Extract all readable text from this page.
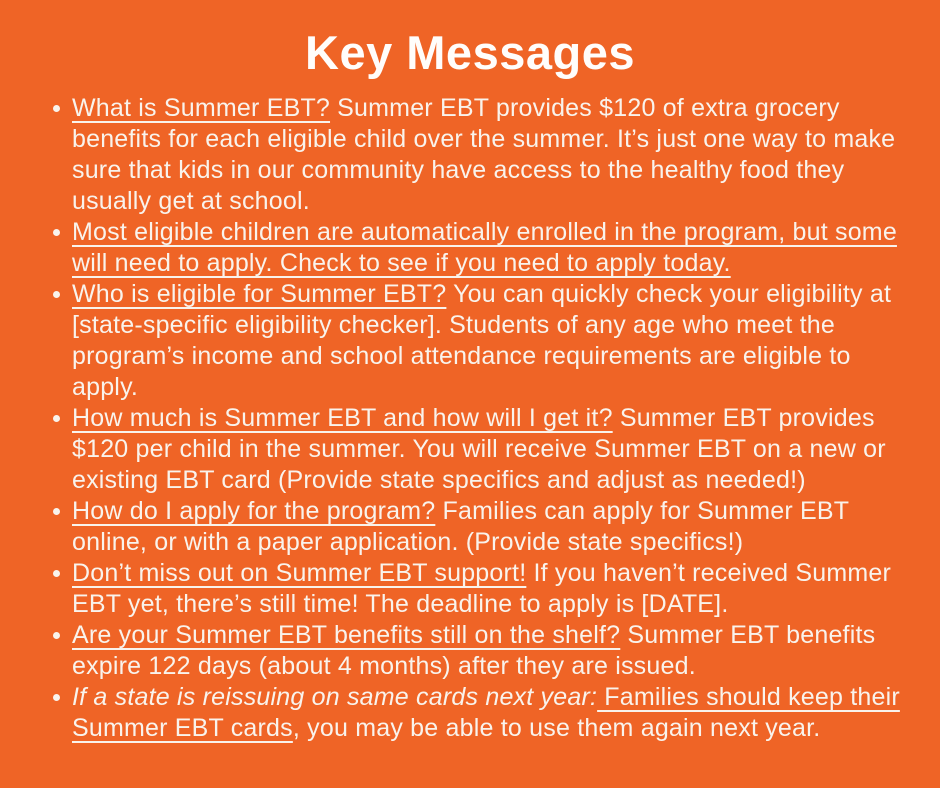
Key Messages
What is Summer EBT? Summer EBT provides $120 of extra grocery benefits for each eligible child over the summer. It’s just one way to make sure that kids in our community have access to the healthy food they usually get at school.
Most eligible children are automatically enrolled in the program, but some will need to apply. Check to see if you need to apply today.
Who is eligible for Summer EBT? You can quickly check your eligibility at [state-specific eligibility checker]. Students of any age who meet the program’s income and school attendance requirements are eligible to apply.
How much is Summer EBT and how will I get it? Summer EBT provides $120 per child in the summer. You will receive Summer EBT on a new or existing EBT card (Provide state specifics and adjust as needed!)
How do I apply for the program? Families can apply for Summer EBT online, or with a paper application. (Provide state specifics!)
Don’t miss out on Summer EBT support! If you haven’t received Summer EBT yet, there’s still time! The deadline to apply is [DATE].
Are your Summer EBT benefits still on the shelf? Summer EBT benefits expire 122 days (about 4 months) after they are issued.
If a state is reissuing on same cards next year: Families should keep their Summer EBT cards, you may be able to use them again next year.
